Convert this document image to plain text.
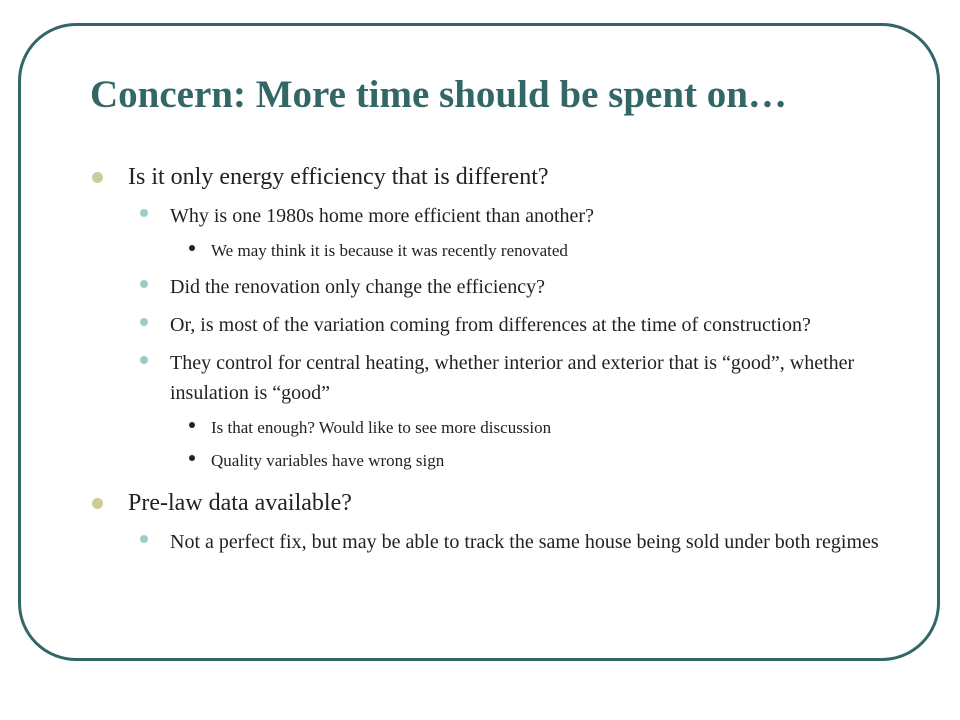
Concern: More time should be spent on…
Is it only energy efficiency that is different?
Why is one 1980s home more efficient than another?
We may think it is because it was recently renovated
Did the renovation only change the efficiency?
Or, is most of the variation coming from differences at the time of construction?
They control for central heating, whether interior and exterior that is “good”, whether insulation is “good”
Is that enough? Would like to see more discussion
Quality variables have wrong sign
Pre-law data available?
Not a perfect fix, but may be able to track the same house being sold under both regimes
